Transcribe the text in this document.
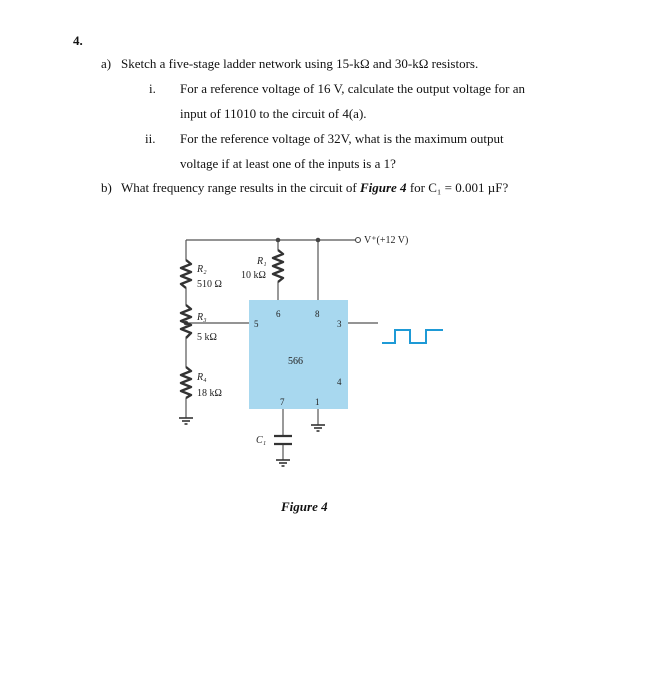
4.
a) Sketch a five-stage ladder network using 15-kΩ and 30-kΩ resistors.
i. For a reference voltage of 16 V, calculate the output voltage for an
input of 11010 to the circuit of 4(a).
ii. For the reference voltage of 32V, what is the maximum output
voltage if at least one of the inputs is a 1?
b) What frequency range results in the circuit of Figure 4 for C₁ = 0.001 µF?
V⁺(+12 V)
R₁
10 kΩ
R₂
510 Ω
R₃
5 kΩ
R₄
18 kΩ
C₁
6	8
5	3
566
4
7	1
Figure 4
